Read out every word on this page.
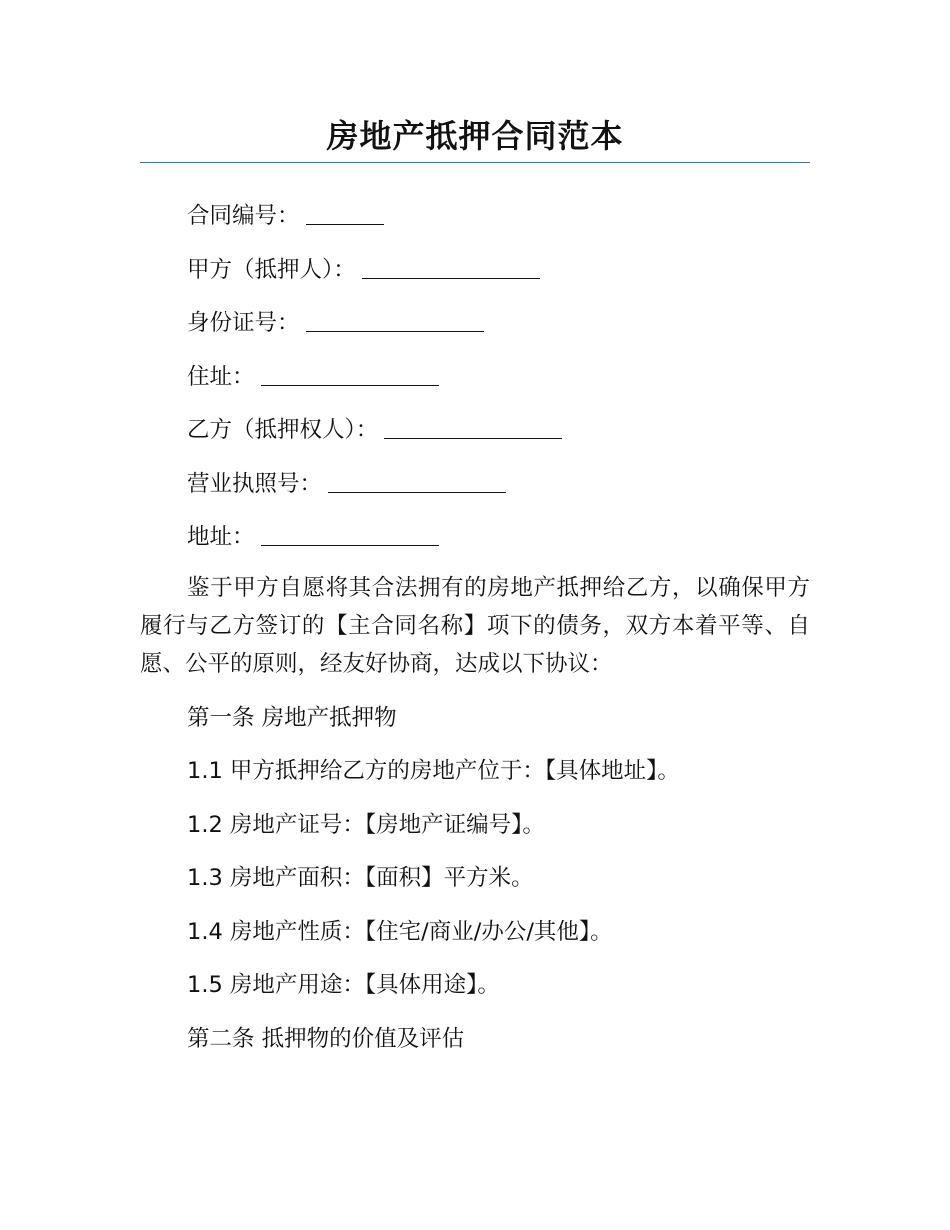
房地产抵押合同范本

合同编号：

甲方（抵押人）：

身份证号：

住址：

乙方（抵押权人）：

营业执照号：

地址：

鉴于甲方自愿将其合法拥有的房地产抵押给乙方，以确保甲方履行与乙方签订的【主合同名称】项下的债务，双方本着平等、自愿、公平的原则，经友好协商，达成以下协议：

第一条 房地产抵押物

1.1 甲方抵押给乙方的房地产位于：【具体地址】。

1.2 房地产证号：【房地产证编号】。

1.3 房地产面积：【面积】平方米。

1.4 房地产性质：【住宅/商业/办公/其他】。

1.5 房地产用途：【具体用途】。

第二条 抵押物的价值及评估
